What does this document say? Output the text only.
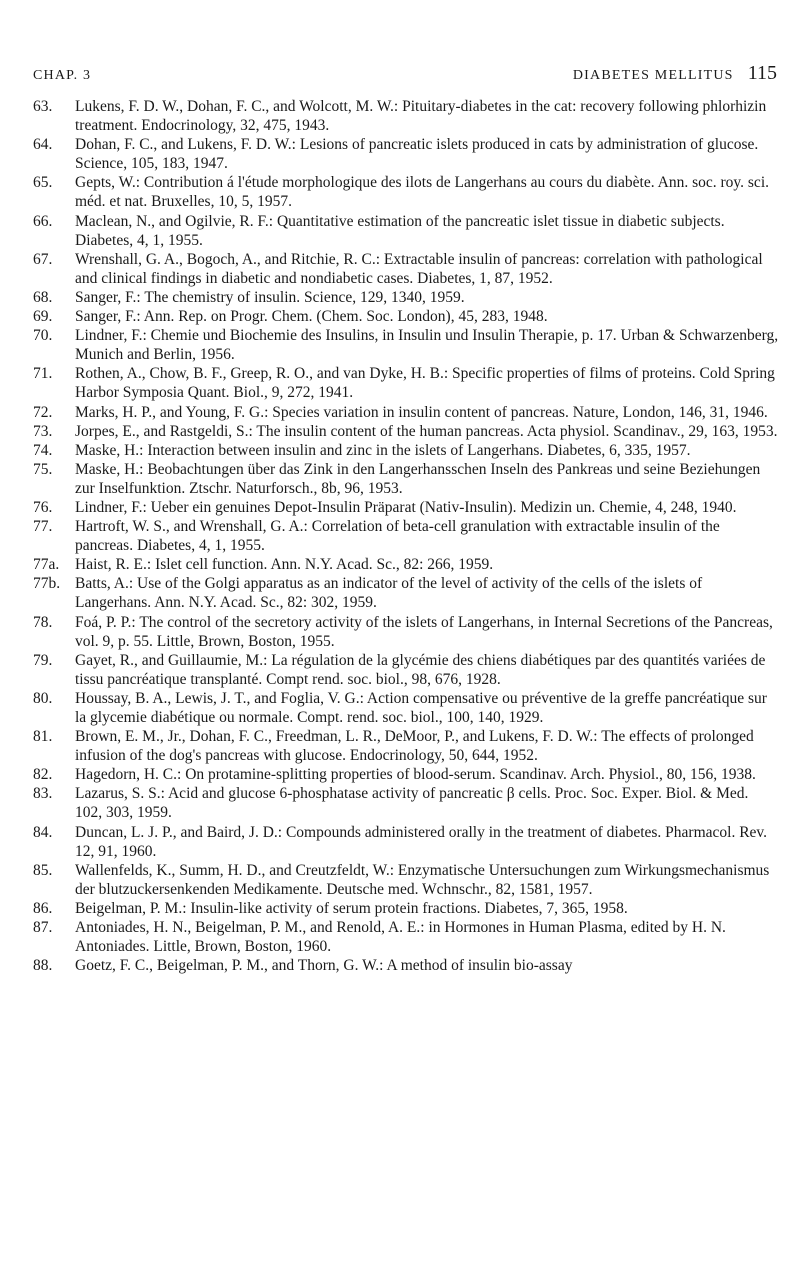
CHAP. 3	DIABETES MELLITUS 115
63.	Lukens, F. D. W., Dohan, F. C., and Wolcott, M. W.: Pituitary-diabetes in the cat: recovery following phlorhizin treatment. Endocrinology, 32, 475, 1943.
64.	Dohan, F. C., and Lukens, F. D. W.: Lesions of pancreatic islets produced in cats by administration of glucose. Science, 105, 183, 1947.
65.	Gepts, W.: Contribution á l'étude morphologique des ilots de Langerhans au cours du diabète. Ann. soc. roy. sci. méd. et nat. Bruxelles, 10, 5, 1957.
66.	Maclean, N., and Ogilvie, R. F.: Quantitative estimation of the pancreatic islet tissue in diabetic subjects. Diabetes, 4, 1, 1955.
67.	Wrenshall, G. A., Bogoch, A., and Ritchie, R. C.: Extractable insulin of pancreas: correlation with pathological and clinical findings in diabetic and nondiabetic cases. Diabetes, 1, 87, 1952.
68.	Sanger, F.: The chemistry of insulin. Science, 129, 1340, 1959.
69.	Sanger, F.: Ann. Rep. on Progr. Chem. (Chem. Soc. London), 45, 283, 1948.
70.	Lindner, F.: Chemie und Biochemie des Insulins, in Insulin und Insulin Therapie, p. 17. Urban & Schwarzenberg, Munich and Berlin, 1956.
71.	Rothen, A., Chow, B. F., Greep, R. O., and van Dyke, H. B.: Specific properties of films of proteins. Cold Spring Harbor Symposia Quant. Biol., 9, 272, 1941.
72.	Marks, H. P., and Young, F. G.: Species variation in insulin content of pancreas. Nature, London, 146, 31, 1946.
73.	Jorpes, E., and Rastgeldi, S.: The insulin content of the human pancreas. Acta physiol. Scandinav., 29, 163, 1953.
74.	Maske, H.: Interaction between insulin and zinc in the islets of Langerhans. Diabetes, 6, 335, 1957.
75.	Maske, H.: Beobachtungen über das Zink in den Langerhansschen Inseln des Pankreas und seine Beziehungen zur Inselfunktion. Ztschr. Naturforsch., 8b, 96, 1953.
76.	Lindner, F.: Ueber ein genuines Depot-Insulin Präparat (Nativ-Insulin). Medizin un. Chemie, 4, 248, 1940.
77.	Hartroft, W. S., and Wrenshall, G. A.: Correlation of beta-cell granulation with extractable insulin of the pancreas. Diabetes, 4, 1, 1955.
77a.	Haist, R. E.: Islet cell function. Ann. N.Y. Acad. Sc., 82: 266, 1959.
77b. Batts, A.: Use of the Golgi apparatus as an indicator of the level of activity of the cells of the islets of Langerhans. Ann. N.Y. Acad. Sc., 82: 302, 1959.
78.	Foá, P. P.: The control of the secretory activity of the islets of Langerhans, in Internal Secretions of the Pancreas, vol. 9, p. 55. Little, Brown, Boston, 1955.
79.	Gayet, R., and Guillaumie, M.: La régulation de la glycémie des chiens diabétiques par des quantités variées de tissu pancréatique transplanté. Compt rend. soc. biol., 98, 676, 1928.
80.	Houssay, B. A., Lewis, J. T., and Foglia, V. G.: Action compensative ou préventive de la greffe pancréatique sur la glycemie diabétique ou normale. Compt. rend. soc. biol., 100, 140, 1929.
81.	Brown, E. M., Jr., Dohan, F. C., Freedman, L. R., DeMoor, P., and Lukens, F. D. W.: The effects of prolonged infusion of the dog's pancreas with glucose. Endocrinology, 50, 644, 1952.
82.	Hagedorn, H. C.: On protamine-splitting properties of blood-serum. Scandinav. Arch. Physiol., 80, 156, 1938.
83.	Lazarus, S. S.: Acid and glucose 6-phosphatase activity of pancreatic β cells. Proc. Soc. Exper. Biol. & Med. 102, 303, 1959.
84.	Duncan, L. J. P., and Baird, J. D.: Compounds administered orally in the treatment of diabetes. Pharmacol. Rev. 12, 91, 1960.
85.	Wallenfelds, K., Summ, H. D., and Creutzfeldt, W.: Enzymatische Untersuchungen zum Wirkungsmechanismus der blutzuckersenkenden Medikamente. Deutsche med. Wchnschr., 82, 1581, 1957.
86.	Beigelman, P. M.: Insulin-like activity of serum protein fractions. Diabetes, 7, 365, 1958.
87.	Antoniades, H. N., Beigelman, P. M., and Renold, A. E.: in Hormones in Human Plasma, edited by H. N. Antoniades. Little, Brown, Boston, 1960.
88.	Goetz, F. C., Beigelman, P. M., and Thorn, G. W.: A method of insulin bio-assay
